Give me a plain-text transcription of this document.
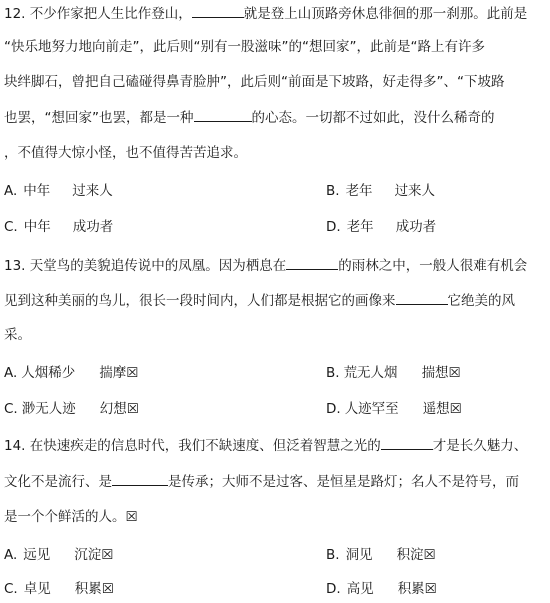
12. 不少作家把人生比作登山，	就是登上山顶路旁休息徘徊的那一刹那。此前是
“快乐地努力地向前走”，此后则“别有一股滋味”的“想回家”，此前是“路上有许多
块绊脚石，曾把自己磕碰得鼻青脸肿”，此后则“前面是下坡路，好走得多”、“下坡路
也罢，“想回家”也罢，都是一种	的心态。一切都不过如此，没什么稀奇的
，不值得大惊小怪，也不值得苦苦追求。
A. 中年 过来人	B. 老年 过来人
C. 中年 成功者	D. 老年 成功者
13. 天堂鸟的美貌追传说中的凤凰。因为栖息在	的雨林之中，一般人很难有机会
见到这种美丽的鸟儿，很长一段时间内，人们都是根据它的画像来	它绝美的风
采。
A. 人烟稀少 揣摩☒	B. 荒无人烟 揣想☒
C. 渺无人迹 幻想☒	D. 人迹罕至 遥想☒
14. 在快速疾走的信息时代，我们不缺速度、但泛着智慧之光的	才是长久魅力、
文化不是流行、是	是传承；大师不是过客、是恒星是路灯；名人不是符号，而
是一个个鲜活的人。☒
A. 远见 沉淀☒	B. 洞见 积淀☒
C. 卓见 积累☒	D. 高见 积累☒
